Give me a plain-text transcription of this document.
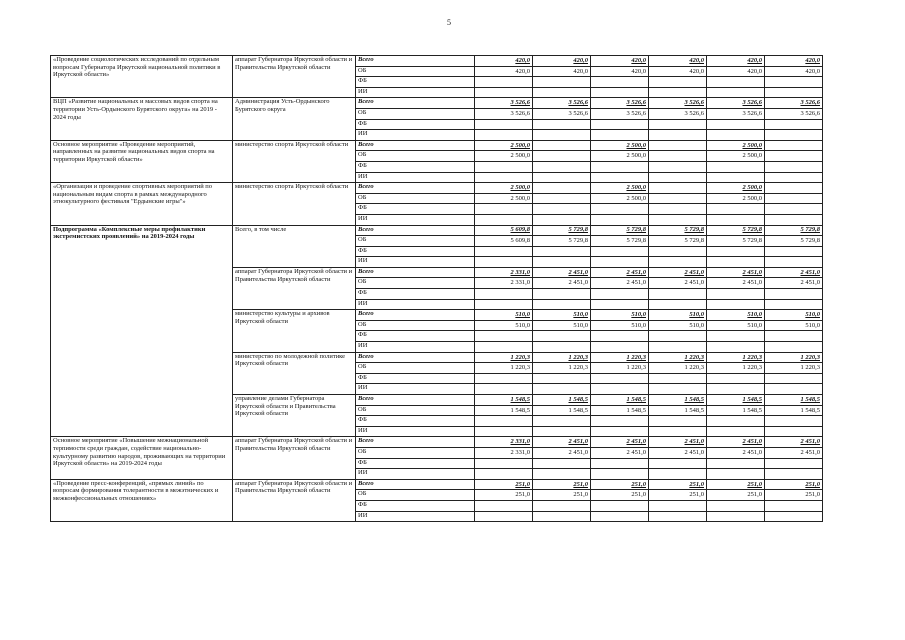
5
«Проведение социологических исследований по отдельным вопросам Губернатора Иркутской национальной политики в Иркутской области»	аппарат Губернатора Иркутской области и Правительства Иркутской области	Всего	420,0	420,0	420,0	420,0	420,0	420,0
		ОБ	420,0	420,0	420,0	420,0	420,0	420,0
		ФБ						
		ИИ						
ВЦП «Развитие национальных и массовых видов спорта на территории Усть-Ордынского Бурятского округа» на 2019 - 2024 годы	Администрация Усть-Ордынского Бурятского округа	Всего	3 526,6	3 526,6	3 526,6	3 526,6	3 526,6	3 526,6
		ОБ	3 526,6	3 526,6	3 526,6	3 526,6	3 526,6	3 526,6
		ФБ						
		ИИ						
Основное мероприятие «Проведение мероприятий, направленных на развитие национальных видов спорта на территории Иркутской области»	министерство спорта Иркутской области	Всего	2 500,0		2 500,0		2 500,0	
		ОБ	2 500,0		2 500,0		2 500,0	
		ФБ						
		ИИ						
«Организация и проведение спортивных мероприятий по национальным видам спорта в рамках международного этнокультурного фестиваля "Ердынские игры"»	министерство спорта Иркутской области	Всего	2 500,0		2 500,0		2 500,0	
		ОБ	2 500,0		2 500,0		2 500,0	
		ФБ						
		ИИ						
Подпрограмма «Комплексные меры профилактики экстремистских проявлений» на 2019-2024 годы	Всего, в том числе	Всего	5 609,8	5 729,8	5 729,8	5 729,8	5 729,8	5 729,8
		ОБ	5 609,8	5 729,8	5 729,8	5 729,8	5 729,8	5 729,8
		ФБ						
		ИИ						
	аппарат Губернатора Иркутской области и Правительства Иркутской области	Всего	2 331,0	2 451,0	2 451,0	2 451,0	2 451,0	2 451,0
		ОБ	2 331,0	2 451,0	2 451,0	2 451,0	2 451,0	2 451,0
		ФБ						
		ИИ						
	министерство культуры и архивов Иркутской области	Всего	510,0	510,0	510,0	510,0	510,0	510,0
		ОБ	510,0	510,0	510,0	510,0	510,0	510,0
		ФБ						
		ИИ						
	министерство по молодежной политике Иркутской области	Всего	1 220,3	1 220,3	1 220,3	1 220,3	1 220,3	1 220,3
		ОБ	1 220,3	1 220,3	1 220,3	1 220,3	1 220,3	1 220,3
		ФБ						
		ИИ						
	управление делами Губернатора Иркутской области и Правительства Иркутской области	Всего	1 548,5	1 548,5	1 548,5	1 548,5	1 548,5	1 548,5
		ОБ	1 548,5	1 548,5	1 548,5	1 548,5	1 548,5	1 548,5
		ФБ						
		ИИ						
Основное мероприятие «Повышение межнациональной терпимости среди граждан, содействие национально-культурному развитию народов, проживающих на территории Иркутской области» на 2019-2024 годы	аппарат Губернатора Иркутской области и Правительства Иркутской области	Всего	2 331,0	2 451,0	2 451,0	2 451,0	2 451,0	2 451,0
		ОБ	2 331,0	2 451,0	2 451,0	2 451,0	2 451,0	2 451,0
		ФБ						
		ИИ						
«Проведение пресс-конференций, «прямых линий» по вопросам формирования толерантности в межэтнических и межконфессиональных отношениях»	аппарат Губернатора Иркутской области и Правительства Иркутской области	Всего	251,0	251,0	251,0	251,0	251,0	251,0
		ОБ	251,0	251,0	251,0	251,0	251,0	251,0
		ФБ						
		ИИ						
